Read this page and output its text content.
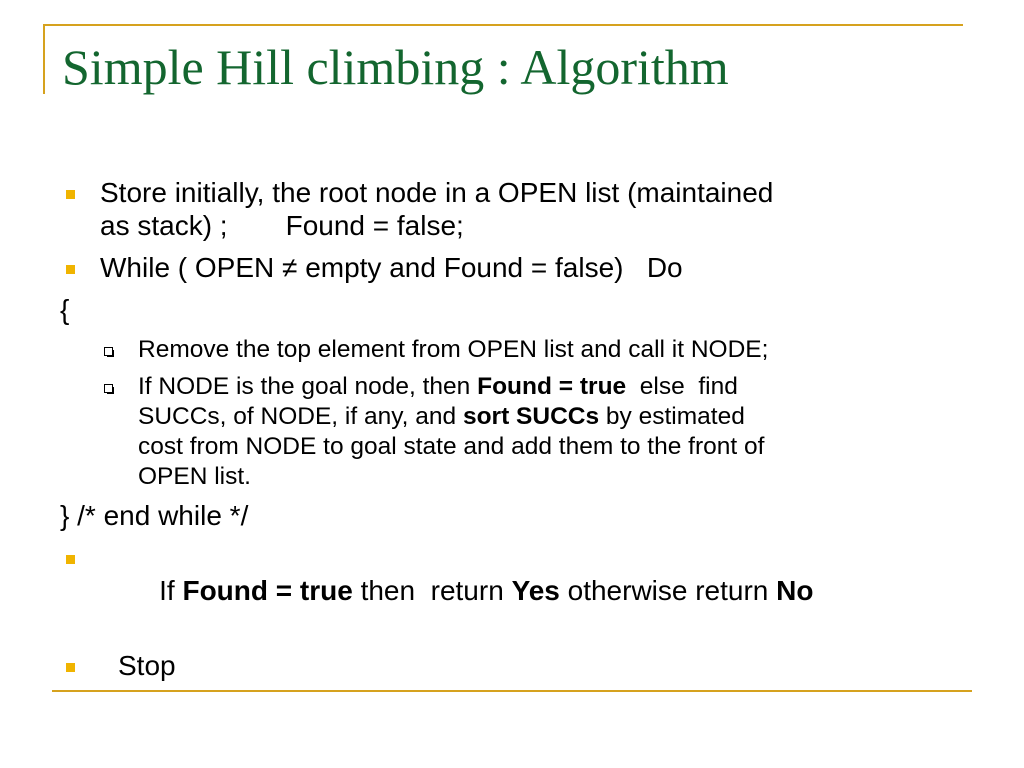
Simple Hill climbing : Algorithm
Store initially, the root node in a OPEN list (maintained
as stack) ; Found = false;
While ( OPEN ≠ empty and Found = false)   Do
{
Remove the top element from OPEN list and call it NODE;
If NODE is the goal node, then Found = true  else  find
SUCCs, of NODE, if any, and sort SUCCs by estimated
cost from NODE to goal state and add them to the front of
OPEN list.
} /* end while */

If Found = true then  return Yes otherwise return No

Stop
